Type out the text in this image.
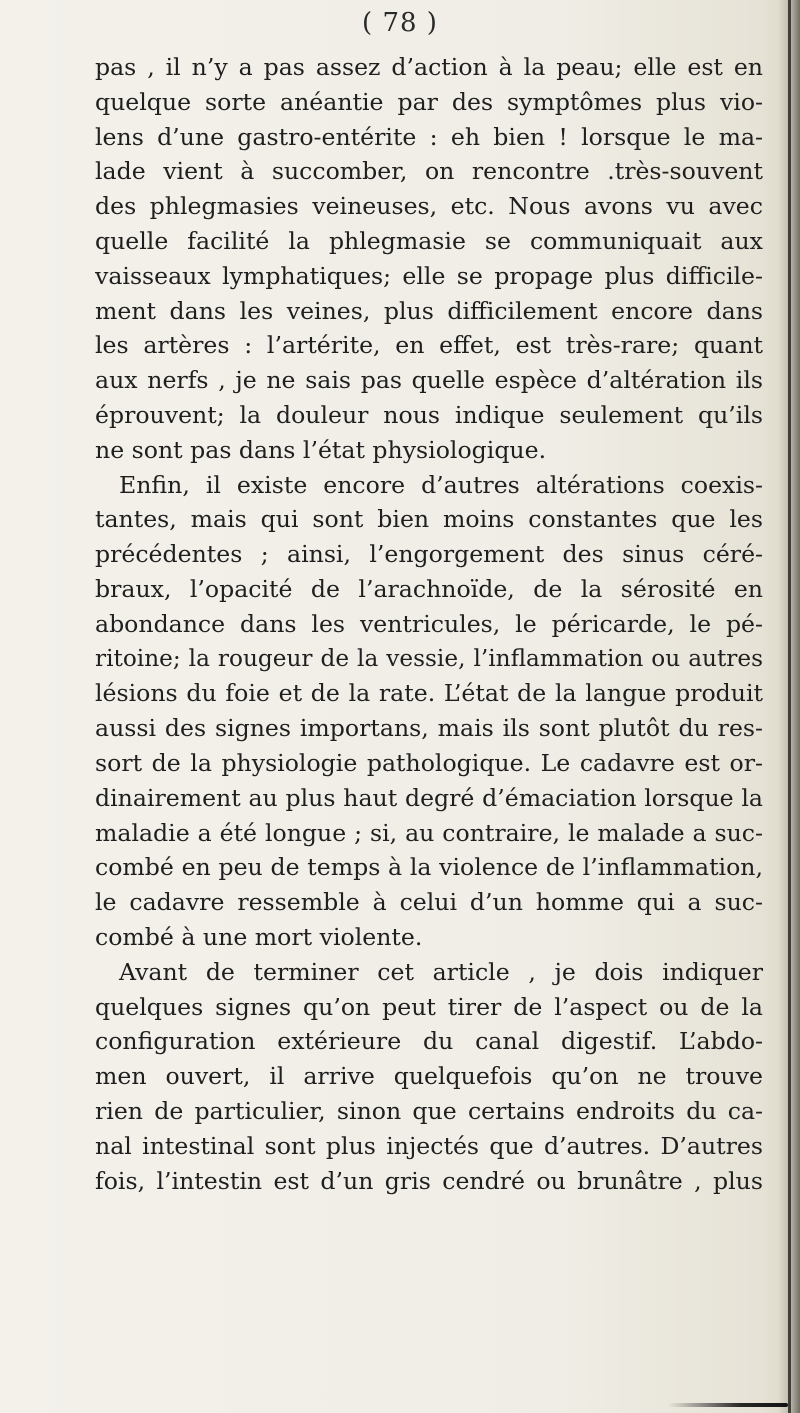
( 78 )
pas , il n’y a pas assez d’action à la peau; elle est en
quelque sorte anéantie par des symptômes plus vio-
lens d’une gastro-entérite : eh bien ! lorsque le ma-
lade vient à succomber, on rencontre .très-souvent
des phlegmasies veineuses, etc. Nous avons vu avec
quelle facilité la phlegmasie se communiquait aux
vaisseaux lymphatiques; elle se propage plus difficile-
ment dans les veines, plus difficilement encore dans
les artères : l’artérite, en effet, est très-rare; quant
aux nerfs , je ne sais pas quelle espèce d’altération ils
éprouvent; la douleur nous indique seulement qu’ils
ne sont pas dans l’état physiologique.
Enfin, il existe encore d’autres altérations coexis-
tantes, mais qui sont bien moins constantes que les
précédentes ; ainsi, l’engorgement des sinus céré-
braux, l’opacité de l’arachnoïde, de la sérosité en
abondance dans les ventricules, le péricarde, le pé-
ritoine; la rougeur de la vessie, l’inflammation ou autres
lésions du foie et de la rate. L’état de la langue produit
aussi des signes importans, mais ils sont plutôt du res-
sort de la physiologie pathologique. Le cadavre est or-
dinairement au plus haut degré d’émaciation lorsque la
maladie a été longue ; si, au contraire, le malade a suc-
combé en peu de temps à la violence de l’inflammation,
le cadavre ressemble à celui d’un homme qui a suc-
combé à une mort violente.
Avant de terminer cet article , je dois indiquer
quelques signes qu’on peut tirer de l’aspect ou de la
configuration extérieure du canal digestif. L’abdo-
men ouvert, il arrive quelquefois qu’on ne trouve
rien de particulier, sinon que certains endroits du ca-
nal intestinal sont plus injectés que d’autres. D’autres
fois, l’intestin est d’un gris cendré ou brunâtre , plus
